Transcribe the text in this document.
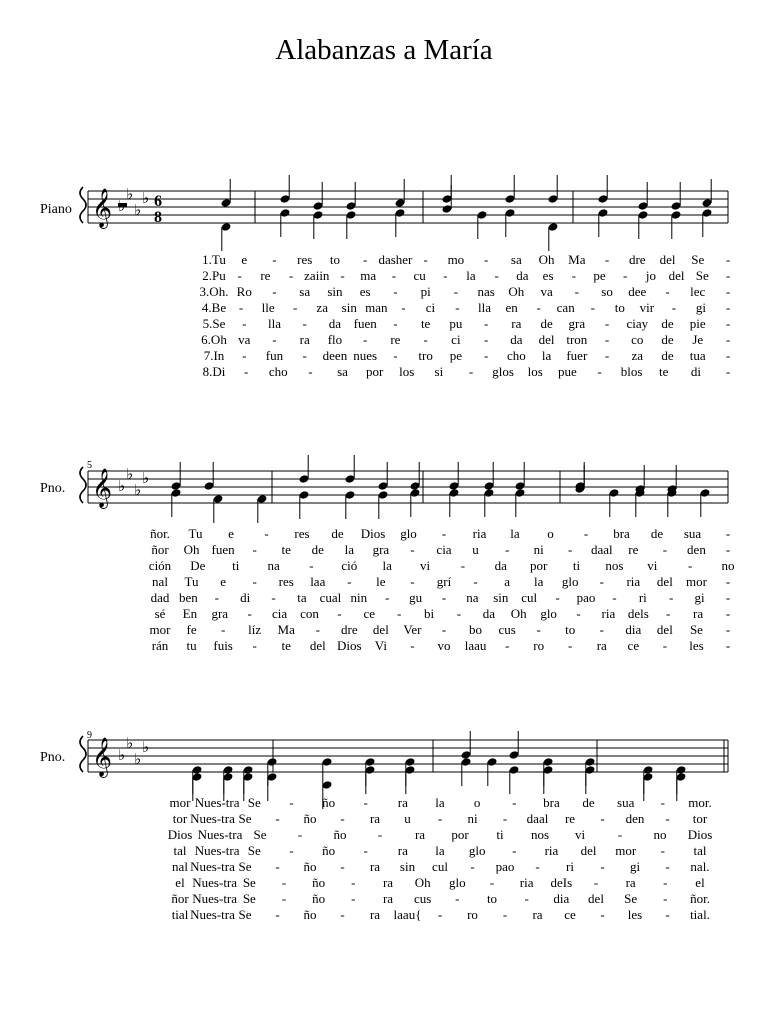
Alabanzas a María
Piano
Pno.
Pno.
5
9
𝄞 ♭
♭
♭ 6
8
𝄞 ♭
♭
♭
♭
𝄞 ♭
♭
♭
♭
1.Tu e - res to - dasher - mo - sa Oh Ma - dre del Se -
2.Pu - re - zaiin - ma - cu - la - da es - pe - jo del Se -
3.Oh. Ro - sa sin es - pi - nas Oh va - so dee - lec -
4.Be - lle - za sin man - ci - lla en - can - to vir - gi -
5.Se - lla - da fuen - te pu - ra de gra - ciay de pie -
6.Oh va - ra flo - re - ci - da del tron - co de Je -
7.In - fun - deen nues - tro pe - cho la fuer - za de tua -
8.Di - cho - sa por los si - glos los pue - blos te di -
ñor. Tu e - res de Dios glo - ria la o - bra de sua -
ñor Oh fuen - te de la gra - cia u - ni - daal re - den -
ción De ti na - ció la vi - da por ti nos vi - no
nal Tu e - res laa - le - grí - a la glo - ria del mor -
dad ben - di - ta cual nin - gu - na sin cul - pao - ri - gi -
sé En gra - cia con - ce - bi - da Oh glo - ria dels - ra -
mor fe - líz Ma - dre del Ver - bo cus - to - dia del Se -
rán tu fuis - te del Dios Vi - vo laau - ro - ra ce - les -
mor Nues-tra Se - ño - ra la o - bra de sua - mor.
tor Nues-tra Se - ño - ra u - ni - daal re - den - tor
Dios Nues-tra Se - ño -	ra por ti nos vi	- no Dios
tal Nues-tra Se - ño - ra la glo - ria del mor - tal
nal Nues-tra Se - ño - ra sin cul - pao - ri - gi - nal.
el Nues-tra Se - ño - ra Oh glo - ria deIs - ra - el
ñor Nues-tra Se - ño - ra cus - to - dia del Se - ñor.
tial Nues-tra Se - ño - ra laau{ - ro - ra ce - les - tial.
